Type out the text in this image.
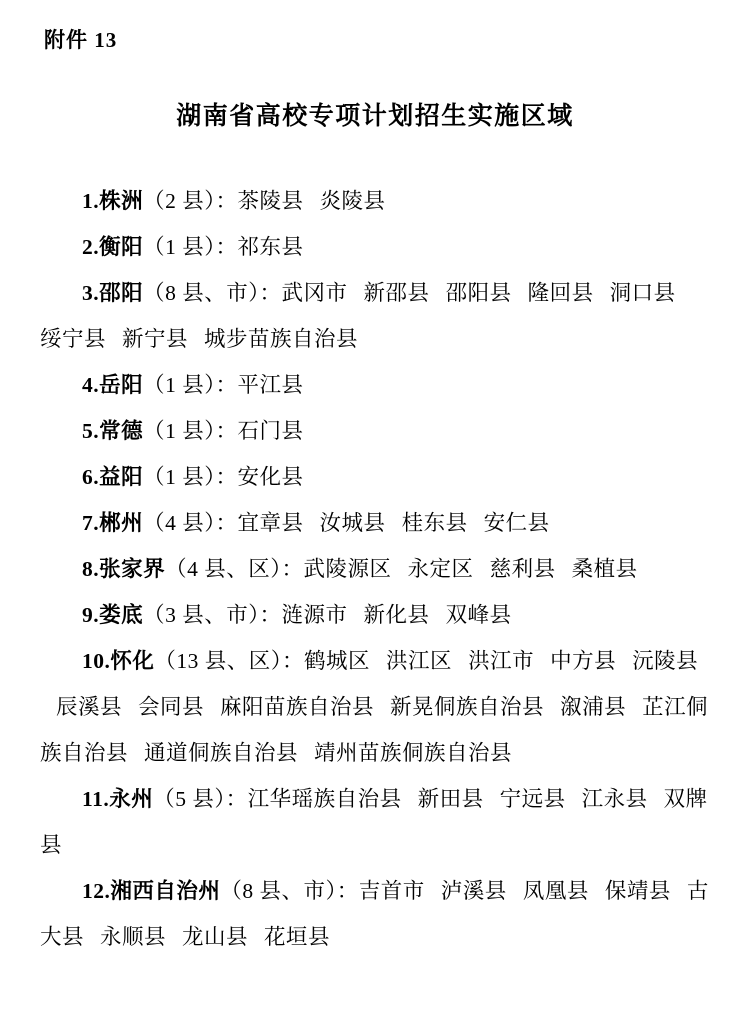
附件 13
湖南省高校专项计划招生实施区域

1.株洲（2 县）：茶陵县 炎陵县

2.衡阳（1 县）：祁东县

3.邵阳（8 县、市）：武冈市 新邵县 邵阳县 隆回县 洞口县绥宁县 新宁县 城步苗族自治县

4.岳阳（1 县）：平江县

5.常德（1 县）：石门县

6.益阳（1 县）：安化县

7.郴州（4 县）：宜章县 汝城县 桂东县 安仁县

8.张家界（4 县、区）：武陵源区 永定区 慈利县 桑植县

9.娄底（3 县、市）：涟源市 新化县 双峰县

10.怀化（13 县、区）：鹤城区 洪江区 洪江市 中方县 沅陵县辰溪县 会同县 麻阳苗族自治县 新晃侗族自治县 溆浦县 芷江侗族自治县 通道侗族自治县 靖州苗族侗族自治县

11.永州（5 县）：江华瑶族自治县 新田县 宁远县 江永县 双牌县

12.湘西自治州（8 县、市）：吉首市 泸溪县 凤凰县 保靖县 古大县 永顺县 龙山县 花垣县
